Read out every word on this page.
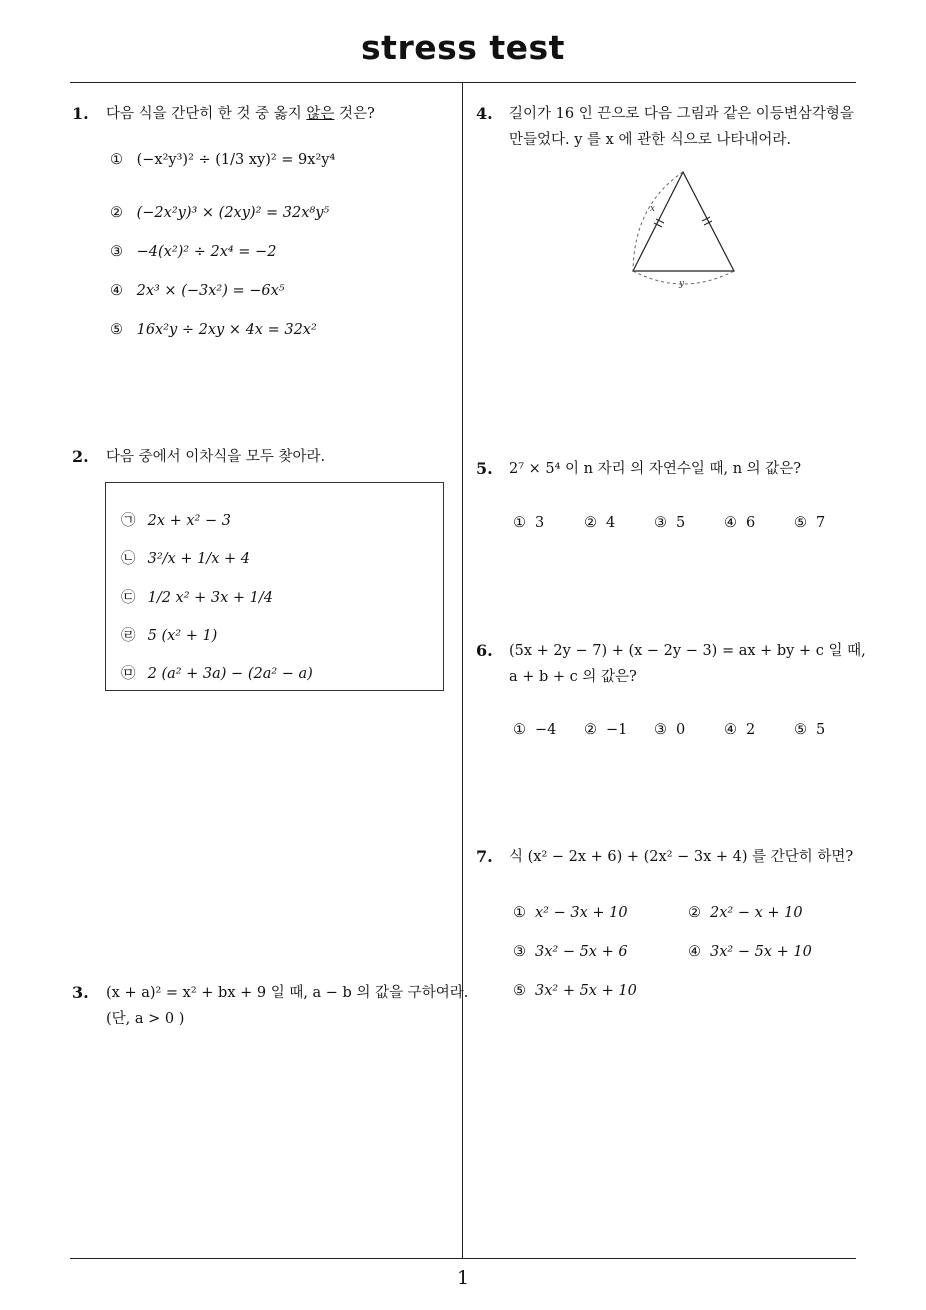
stress test
1
1. 다음 식을 간단히 한 것 중 옳지 않은 것은?
① (−x²y³)² ÷ (1/3 xy)² = 9x²y⁴
② (−2x²y)³ × (2xy)² = 32x⁸y⁵
③ −4(x²)² ÷ 2x⁴ = −2
④ 2x³ × (−3x²) = −6x⁵
⑤ 16x²y ÷ 2xy × 4x = 32x²
2. 다음 중에서 이차식을 모두 찾아라.
㉠ 2x + x² − 3
㉡ 3²/x + 1/x + 4
㉢ 1/2 x² + 3x + 1/4
㉣ 5 (x² + 1)
㉤ 2 (a² + 3a) − (2a² − a)
3. (x + a)² = x² + bx + 9 일 때, a − b 의 값을 구하여라.
(단, a > 0 )
4. 길이가 16 인 끈으로 다음 그림과 같은 이등변삼각형을
만들었다. y 를 x 에 관한 식으로 나타내어라.
x
y
5. 2⁷ × 5⁴ 이 n 자리 의 자연수일 때, n 의 값은?
① 3	② 4	③ 5	④ 6	⑤ 7
6. (5x + 2y − 7) + (x − 2y − 3) = ax + by + c 일 때,
a + b + c 의 값은?
① −4 ② −1 ③ 0	④ 2	⑤ 5
7. 식 (x² − 2x + 6) + (2x² − 3x + 4) 를 간단히 하면?
① x² − 3x + 10	② 2x² − x + 10
③ 3x² − 5x + 6	④ 3x² − 5x + 10
⑤ 3x² + 5x + 10
